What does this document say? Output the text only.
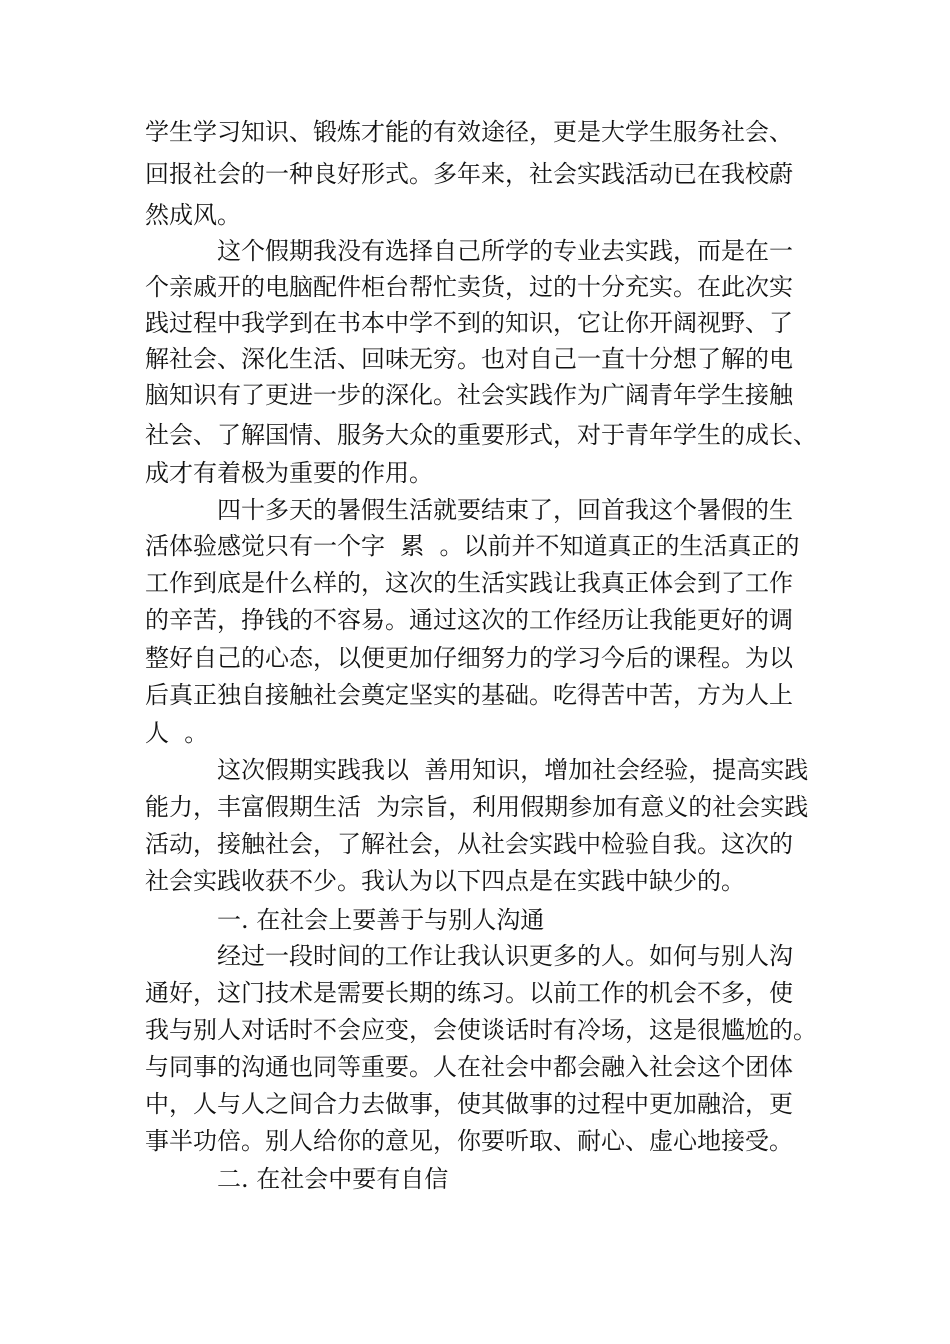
学生学习知识、锻炼才能的有效途径，更是大学生服务社会、
回报社会的一种良好形式。多年来，社会实践活动已在我校蔚
然成风。
这个假期我没有选择自己所学的专业去实践，而是在一
个亲戚开的电脑配件柜台帮忙卖货，过的十分充实。在此次实
践过程中我学到在书本中学不到的知识，它让你开阔视野、了
解社会、深化生活、回味无穷。也对自己一直十分想了解的电
脑知识有了更进一步的深化。社会实践作为广阔青年学生接触
社会、了解国情、服务大众的重要形式，对于青年学生的成长、
成才有着极为重要的作用。
四十多天的暑假生活就要结束了，回首我这个暑假的生
活体验感觉只有一个字  累  。以前并不知道真正的生活真正的
工作到底是什么样的，这次的生活实践让我真正体会到了工作
的辛苦，挣钱的不容易。通过这次的工作经历让我能更好的调
整好自己的心态，以便更加仔细努力的学习今后的课程。为以
后真正独自接触社会奠定坚实的基础。吃得苦中苦，方为人上
人  。
这次假期实践我以  善用知识，增加社会经验，提高实践
能力，丰富假期生活  为宗旨，利用假期参加有意义的社会实践
活动，接触社会，了解社会，从社会实践中检验自我。这次的
社会实践收获不少。我认为以下四点是在实践中缺少的。
一. 在社会上要善于与别人沟通
经过一段时间的工作让我认识更多的人。如何与别人沟
通好，这门技术是需要长期的练习。以前工作的机会不多，使
我与别人对话时不会应变，会使谈话时有冷场，这是很尴尬的。
与同事的沟通也同等重要。人在社会中都会融入社会这个团体
中，人与人之间合力去做事，使其做事的过程中更加融洽，更
事半功倍。别人给你的意见，你要听取、耐心、虚心地接受。
二. 在社会中要有自信
